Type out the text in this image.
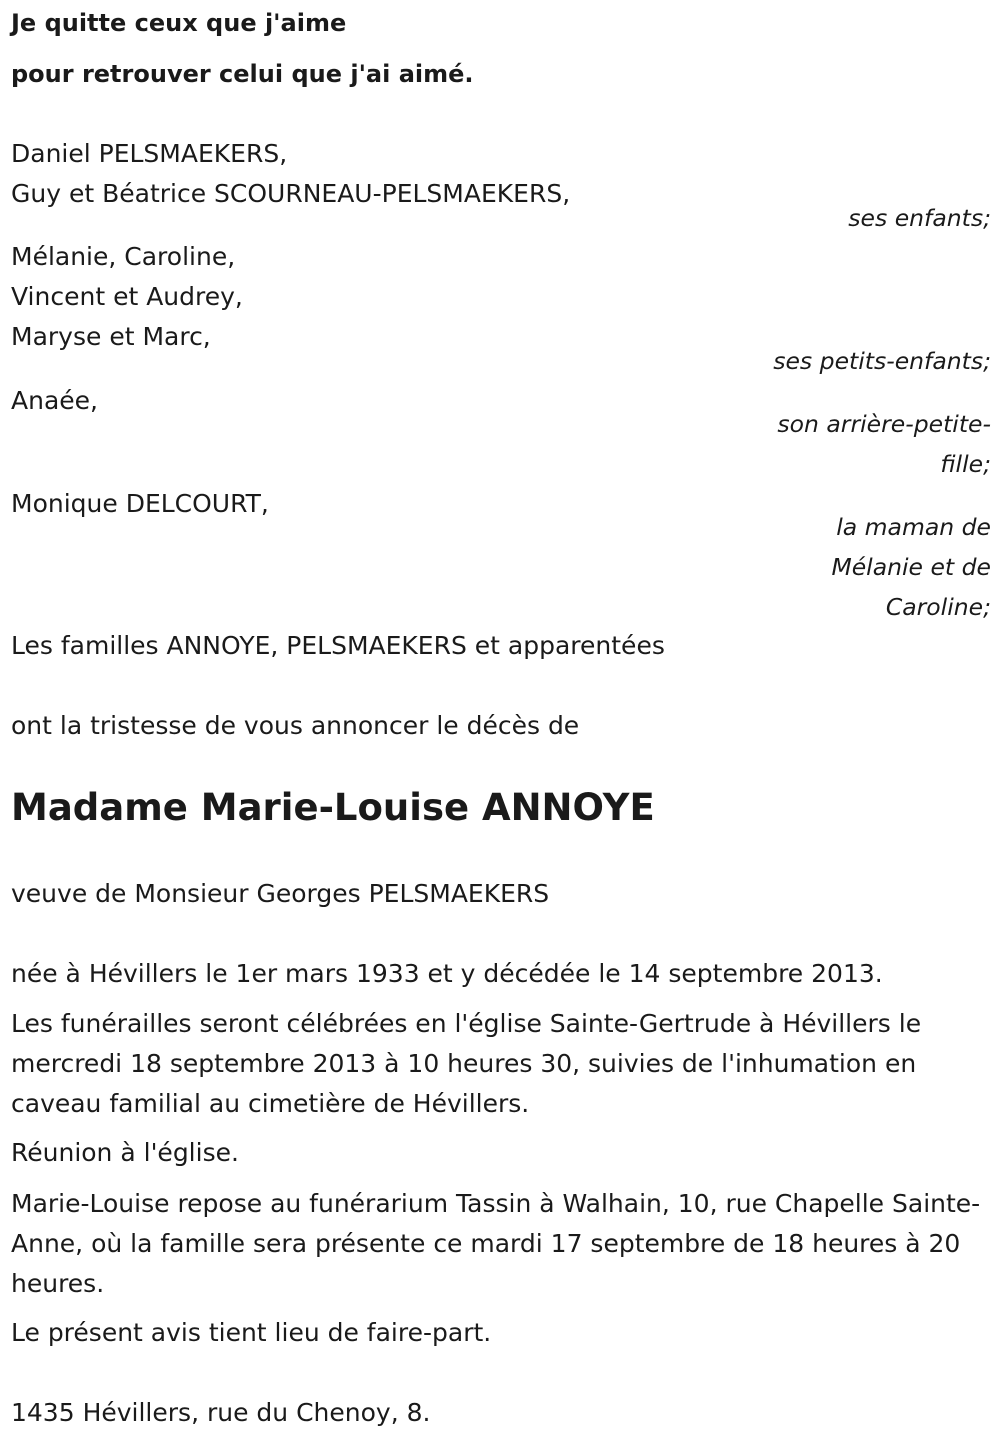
Je quitte ceux que j'aime
pour retrouver celui que j'ai aimé.
Daniel PELSMAEKERS,
Guy et Béatrice SCOURNEAU-PELSMAEKERS,
ses enfants;
Mélanie, Caroline,
Vincent et Audrey,
Maryse et Marc,
ses petits-enfants;
Anaée,
son arrière-petite-
fille;
Monique DELCOURT,
la maman de
Mélanie et de
Caroline;
Les familles ANNOYE, PELSMAEKERS et apparentées
ont la tristesse de vous annoncer le décès de
Madame Marie-Louise ANNOYE
veuve de Monsieur Georges PELSMAEKERS
née à Hévillers le 1er mars 1933 et y décédée le 14 septembre 2013.
Les funérailles seront célébrées en l'église Sainte-Gertrude à Hévillers le mercredi 18 septembre 2013 à 10 heures 30, suivies de l'inhumation en caveau familial au cimetière de Hévillers.
Réunion à l'église.
Marie-Louise repose au funérarium Tassin à Walhain, 10, rue Chapelle Sainte-Anne, où la famille sera présente ce mardi 17 septembre de 18 heures à 20 heures.
Le présent avis tient lieu de faire-part.
1435 Hévillers, rue du Chenoy, 8.
